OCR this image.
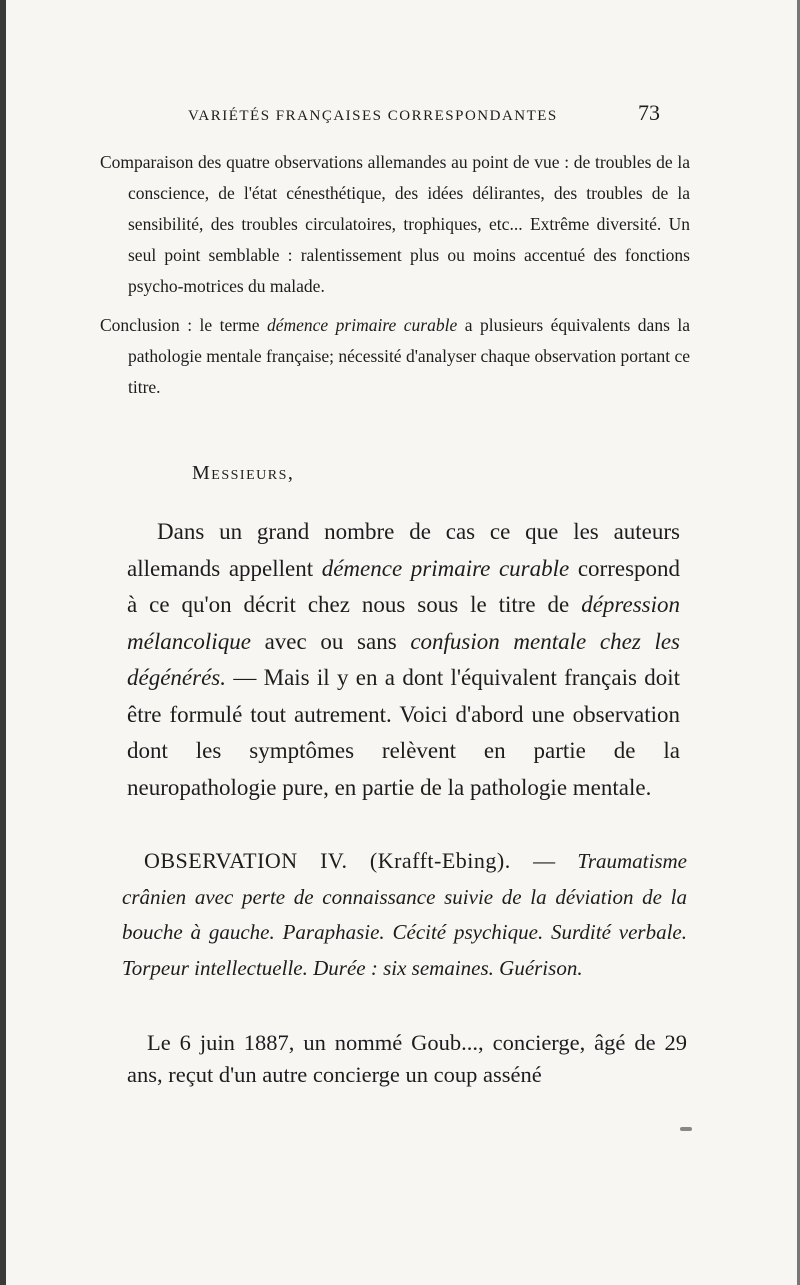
VARIÉTÉS FRANÇAISES CORRESPONDANTES	73

Comparaison des quatre observations allemandes au point de vue : de troubles de la conscience, de l'état cénesthétique, des idées délirantes, des troubles de la sensibilité, des troubles circulatoires, trophiques, etc... Extrême diversité. Un seul point semblable : ralentissement plus ou moins accentué des fonctions psycho-motrices du malade.

Conclusion : le terme démence primaire curable a plusieurs équivalents dans la pathologie mentale française; nécessité d'analyser chaque observation portant ce titre.

Messieurs,

Dans un grand nombre de cas ce que les auteurs allemands appellent démence primaire curable correspond à ce qu'on décrit chez nous sous le titre de dépression mélancolique avec ou sans confusion mentale chez les dégénérés. — Mais il y en a dont l'équivalent français doit être formulé tout autrement. Voici d'abord une observation dont les symptômes relèvent en partie de la neuropathologie pure, en partie de la pathologie mentale.

OBSERVATION IV. (Krafft-Ebing). — Traumatisme crânien avec perte de connaissance suivie de la déviation de la bouche à gauche. Paraphasie. Cécité psychique. Surdité verbale. Torpeur intellectuelle. Durée : six semaines. Guérison.

Le 6 juin 1887, un nommé Goub..., concierge, âgé de 29 ans, reçut d'un autre concierge un coup asséné
